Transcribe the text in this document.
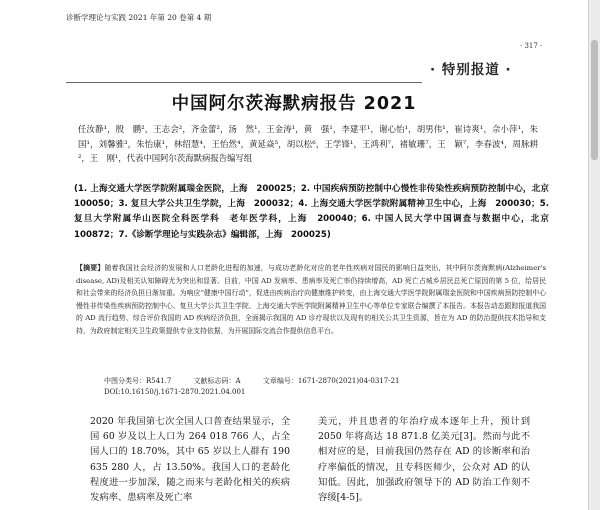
诊断学理论与实践 2021 年第 20 卷第 4 期
· 317 ·
· 特别报道 ·
中国阿尔茨海默病报告 2021
任汝静¹，殷　鹏²，王志会²，齐金蕾²，汤　然¹，王金涛¹，黄　强¹，李建平¹，谢心怡¹，胡男伟¹，崔诗爽¹，佘小萍¹，朱　国¹，刘馨雅³，朱怡康¹，林绍慧⁴，王怡然⁴，黄延焱⁵，胡以松⁶，王学锋¹，王鸿利⁷，褚敏珊⁷，王　颖⁷，李春波⁴，周脉耕²，王　刚¹，代表中国阿尔茨海默病报告编写组
(1. 上海交通大学医学院附属瑞金医院，上海　200025；2. 中国疾病预防控制中心慢性非传染性疾病预防控制中心，北京　100050；3. 复旦大学公共卫生学院，上海　200032；4. 上海交通大学医学院附属精神卫生中心，上海　200030；5. 复旦大学附属华山医院全科医学科　老年医学科，上海　200040；6. 中国人民大学中国调查与数据中心，北京　100872；7.《诊断学理论与实践杂志》编辑部，上海　200025)
【摘要】随着我国社会经济的发展和人口老龄化进程的加速，与成功老龄化对应的老年性疾病对国民的影响日益突出，其中阿尔茨海默病(Alzheimer's disease, AD)及相关认知障碍尤为突出和显著。目前，中国 AD 发病率、患病率及死亡率仍持续增高，AD 死亡占城乡居民总死亡原因的第 5 位，给居民和社会带来的经济负担日渐加重。为响应“健康中国行动”，促进由疾病治疗向健康维护转变，由上海交通大学医学院附属瑞金医院和中国疾病预防控制中心慢性非传染性疾病预防控制中心、复旦大学公共卫生学院、上海交通大学医学院附属精神卫生中心等单位专家联合编撰了本报告。本报告动态跟踪报道我国的 AD 流行趋势、综合评价我国的 AD 疾病经济负担，全面揭示我国的 AD 诊疗现状以及现有的相关公共卫生资源，旨在为 AD 的防治提供技术指导和支持，为政府制定相关卫生政策提供专业支持依据，为开展国际交流合作提供信息平台。
中图分类号：R541.7	文献标志码：A	文章编号：1671-2870(2021)04-0317-21
DOI:10.16150/j.1671-2870.2021.04.001
2020 年我国第七次全国人口普查结果显示，全国 60 岁及以上人口为 264 018 766 人，占全国人口的 18.70%，其中 65 岁以上人群有 190 635 280 人，占 13.50%。我国人口的老龄化程度进一步加深，随之而来与老龄化相关的疾病发病率、患病率及死亡率
美元，并且患者的年治疗成本逐年上升，预计到 2050 年将高达 18 871.8 亿美元[3]。然而与此不相对应的是，目前我国仍然存在 AD 的诊断率和治疗率偏低的情况，且专科医师少，公众对 AD 的认知低。因此，加强政府领导下的 AD 防治工作刻不容缓[4-5]。
